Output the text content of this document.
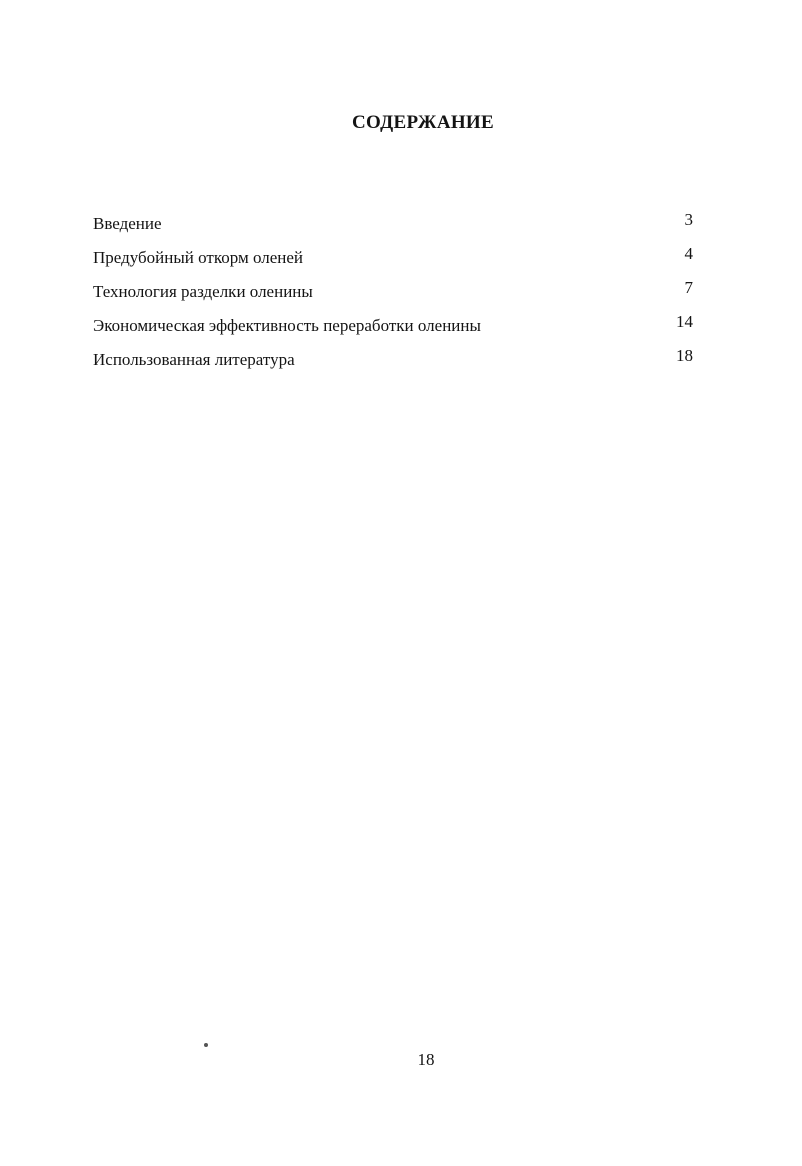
СОДЕРЖАНИЕ
Введение	3
Предубойный откорм оленей	4
Технология разделки оленины	7
Экономическая эффективность переработки оленины	14
Использованная литература	18
18
